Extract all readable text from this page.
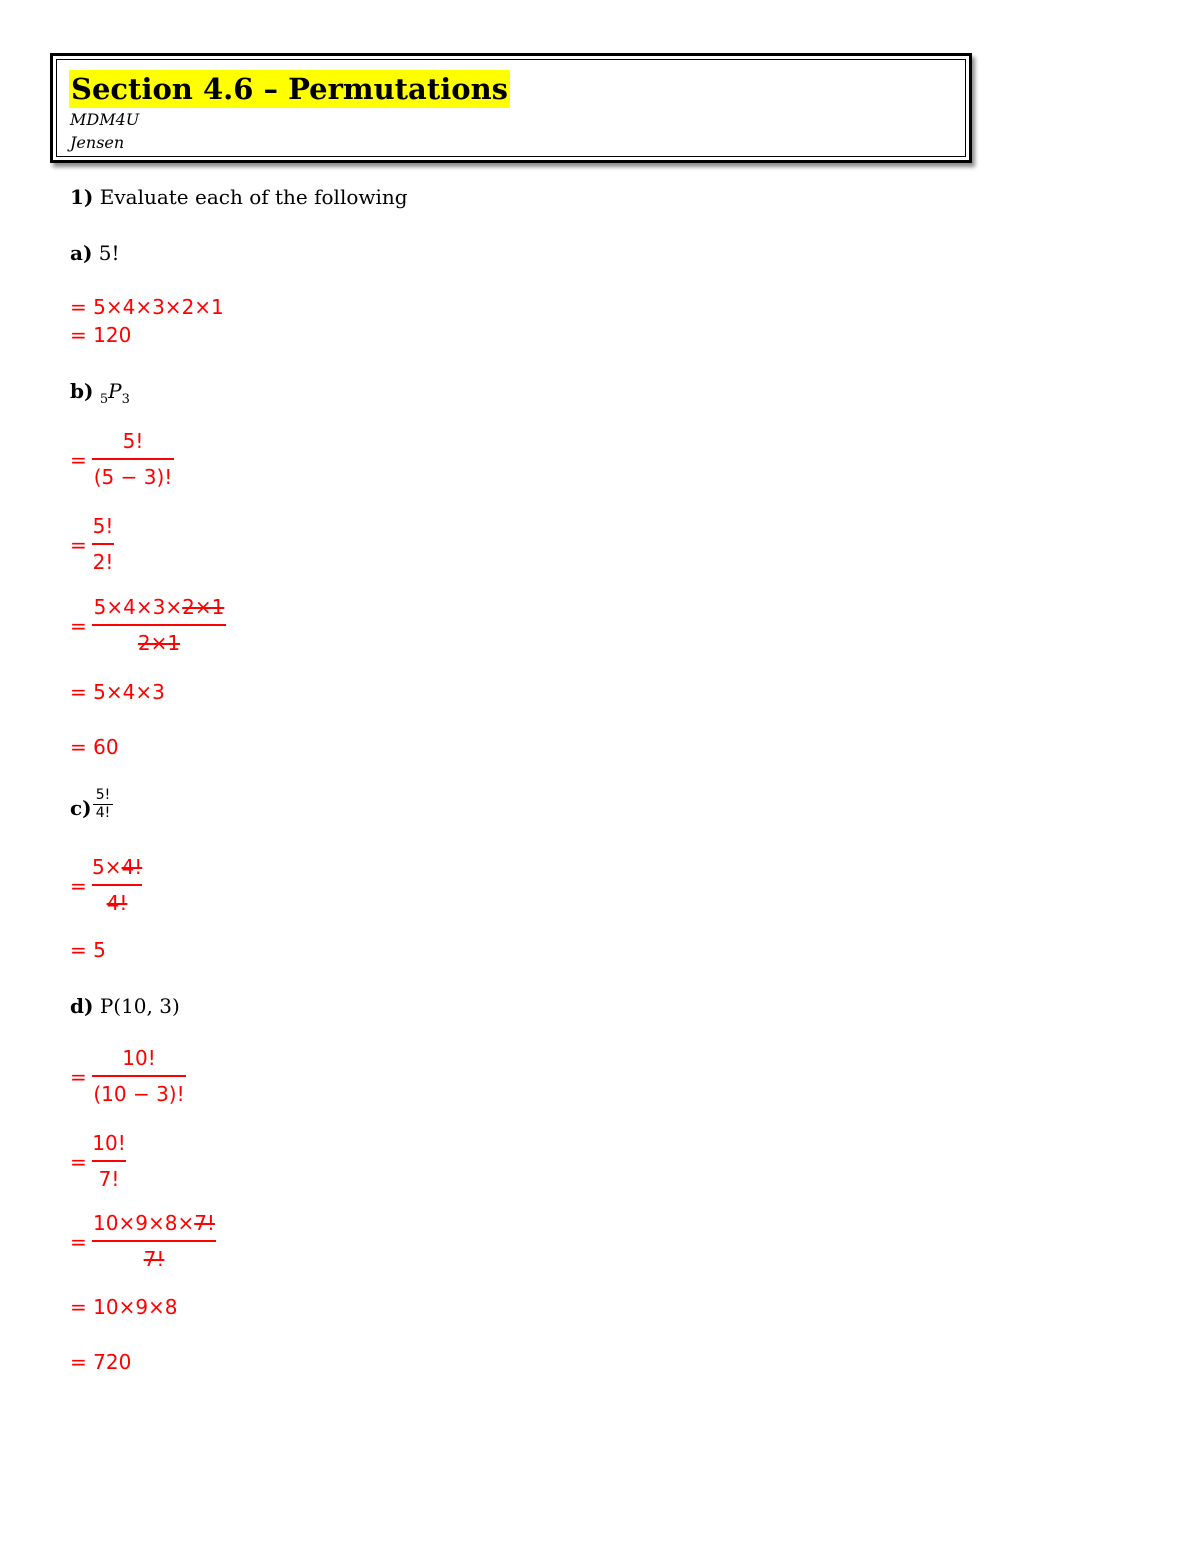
Section 4.6 – Permutations
MDM4U
Jensen
1) Evaluate each of the following
a) 5!
= 5×4×3×2×1
= 120
b) $_5P_3$
=
5!
(5 − 3)!
=
5!
2!
=
5×4×3×2×1
2×1
= 5×4×3
= 60
c)
5!
4!
=
5×4!
4!
= 5
d) P(10, 3)
=
10!
(10 − 3)!
=
10!
7!
=
10×9×8×7!
7!
= 10×9×8
= 720
